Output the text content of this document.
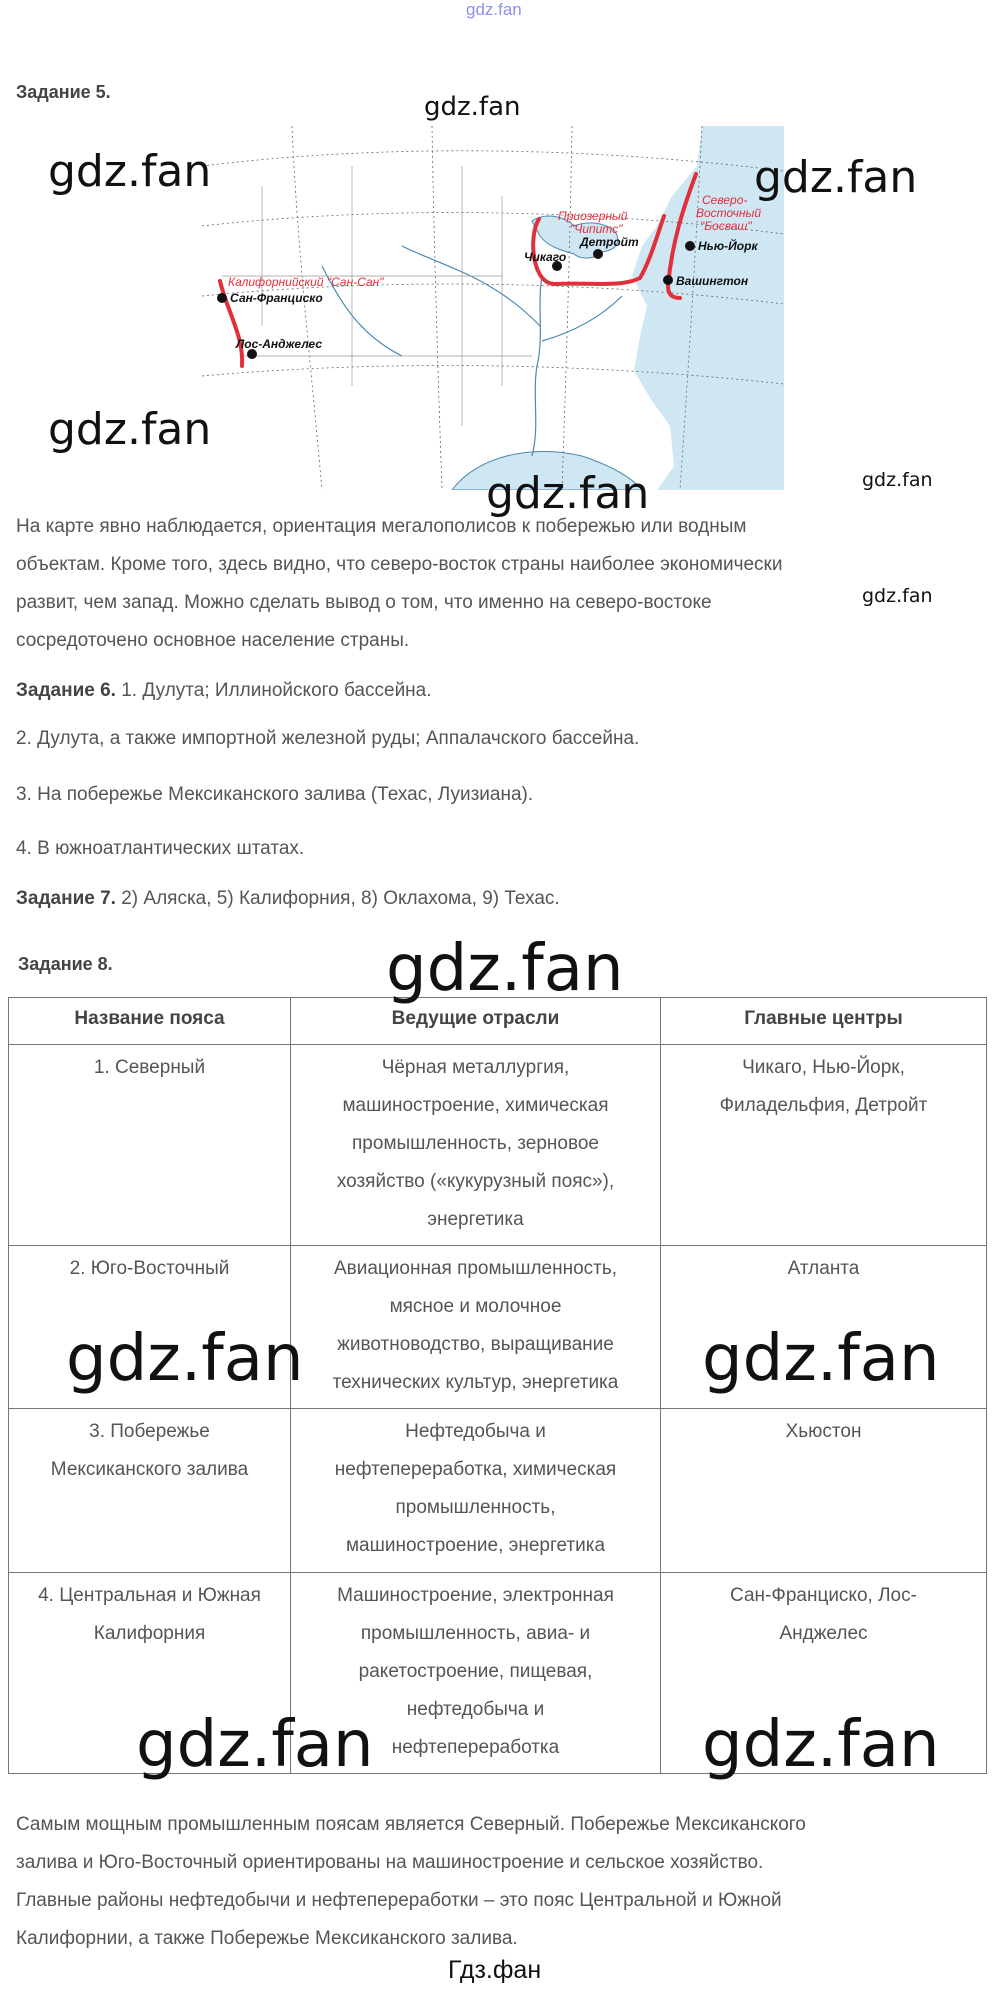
gdz.fan
Задание 5.
Калифорнийский "Сан-Сан"
Сан-Франциско
Лос-Анджелес
Приозерный
"Чипитс"
Детройт
Чикаго
Северо-
Восточный
"Босваш"
Нью-Йорк
Вашингтон
На карте явно наблюдается, ориентация мегалополисов к побережью или водным
объектам. Кроме того, здесь видно, что северо-восток страны наиболее экономически
развит, чем запад. Можно сделать вывод о том, что именно на северо-востоке
сосредоточено основное население страны.
Задание 6. 1. Дулута; Иллинойского бассейна.
2. Дулута, а также импортной железной руды; Аппалачского бассейна.
3. На побережье Мексиканского залива (Техас, Луизиана).
4. В южноатлантических штатах.
Задание 7. 2) Аляска, 5) Калифорния, 8) Оклахома, 9) Техас.
Задание 8.
Название пояса	Ведущие отрасли	Главные центры

1. Северный	Чёрная металлургия,
машиностроение, химическая
промышленность, зерновое
хозяйство («кукурузный пояс»),
энергетика	Чикаго, Нью-Йорк,
Филадельфия, Детройт

2. Юго-Восточный	Авиационная промышленность,
мясное и молочное
животноводство, выращивание
технических культур, энергетика	Атланта

3. Побережье
Мексиканского залива	Нефтедобыча и
нефтепереработка, химическая
промышленность,
машиностроение, энергетика	Хьюстон

4. Центральная и Южная
Калифорния	Машиностроение, электронная
промышленность, авиа- и
ракетостроение, пищевая,
нефтедобыча и
нефтепереработка	Сан-Франциско, Лос-
Анджелес
Самым мощным промышленным поясам является Северный. Побережье Мексиканского
залива и Юго-Восточный ориентированы на машиностроение и сельское хозяйство.
Главные районы нефтедобычи и нефтепереработки – это пояс Центральной и Южной
Калифорнии, а также Побережье Мексиканского залива.
gdz.fan
gdz.fan	gdz.fan
gdz.fan
gdz.fan	gdz.fan
gdz.fan
gdz.fan
gdz.fan	gdz.fan
gdz.fan	gdz.fan
Гдз.фан
